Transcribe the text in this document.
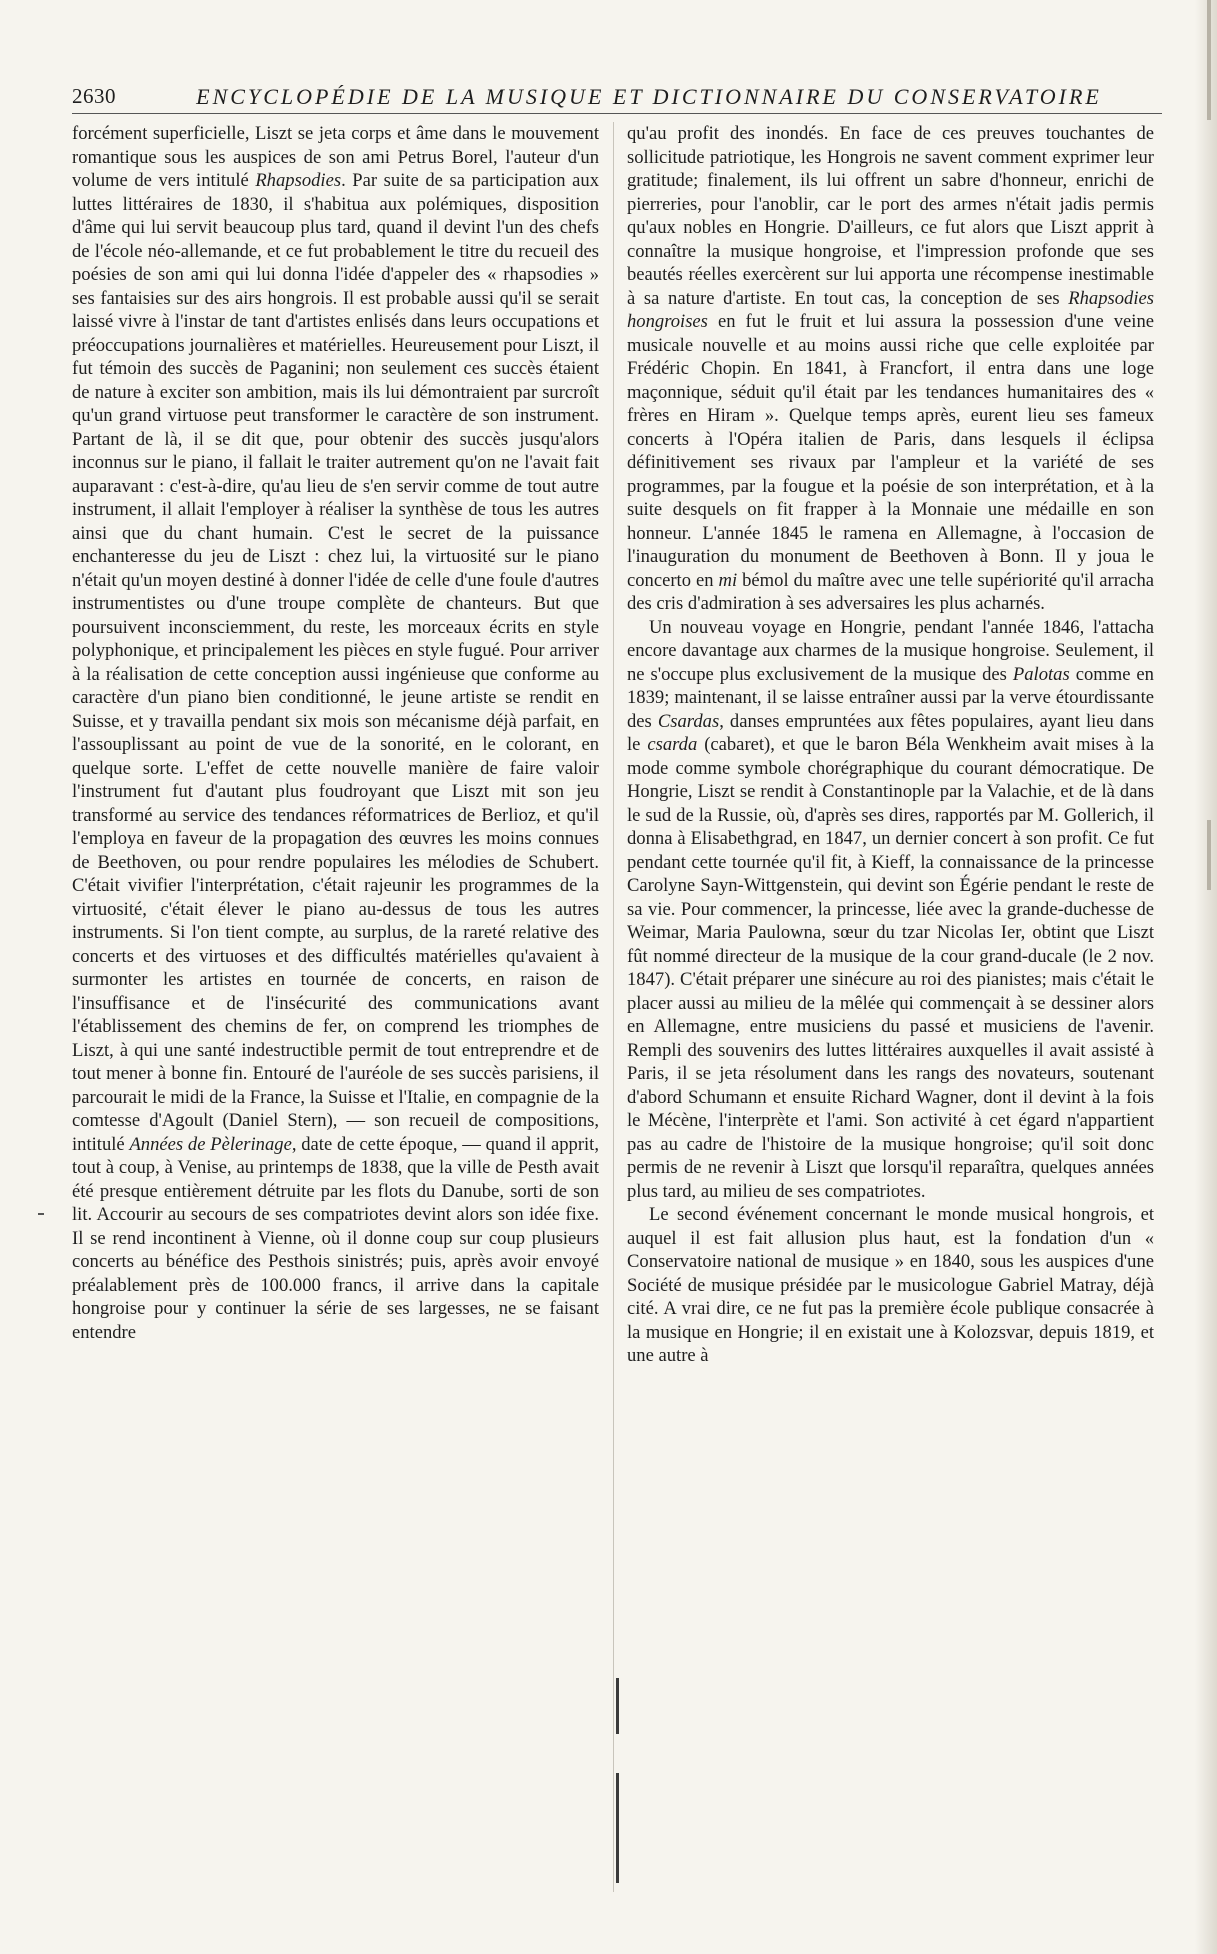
2630	ENCYCLOPÉDIE DE LA MUSIQUE ET DICTIONNAIRE DU CONSERVATOIRE

forcément superficielle, Liszt se jeta corps et âme dans le mouvement romantique sous les auspices de son ami Petrus Borel, l'auteur d'un volume de vers intitulé Rhapsodies. Par suite de sa participation aux luttes littéraires de 1830, il s'habitua aux polémiques, disposition d'âme qui lui servit beaucoup plus tard, quand il devint l'un des chefs de l'école néo-allemande, et ce fut probablement le titre du recueil des poésies de son ami qui lui donna l'idée d'appeler des « rhapsodies » ses fantaisies sur des airs hongrois. Il est probable aussi qu'il se serait laissé vivre à l'instar de tant d'artistes enlisés dans leurs occupations et préoccupations journalières et matérielles. Heureusement pour Liszt, il fut témoin des succès de Paganini; non seulement ces succès étaient de nature à exciter son ambition, mais ils lui démontraient par surcroît qu'un grand virtuose peut transformer le caractère de son instrument. Partant de là, il se dit que, pour obtenir des succès jusqu'alors inconnus sur le piano, il fallait le traiter autrement qu'on ne l'avait fait auparavant : c'est-à-dire, qu'au lieu de s'en servir comme de tout autre instrument, il allait l'employer à réaliser la synthèse de tous les autres ainsi que du chant humain. C'est le secret de la puissance enchanteresse du jeu de Liszt : chez lui, la virtuosité sur le piano n'était qu'un moyen destiné à donner l'idée de celle d'une foule d'autres instrumentistes ou d'une troupe complète de chanteurs. But que poursuivent inconsciemment, du reste, les morceaux écrits en style polyphonique, et principalement les pièces en style fugué. Pour arriver à la réalisation de cette conception aussi ingénieuse que conforme au caractère d'un piano bien conditionné, le jeune artiste se rendit en Suisse, et y travailla pendant six mois son mécanisme déjà parfait, en l'assouplissant au point de vue de la sonorité, en le colorant, en quelque sorte. L'effet de cette nouvelle manière de faire valoir l'instrument fut d'autant plus foudroyant que Liszt mit son jeu transformé au service des tendances réformatrices de Berlioz, et qu'il l'employa en faveur de la propagation des œuvres les moins connues de Beethoven, ou pour rendre populaires les mélodies de Schubert. C'était vivifier l'interprétation, c'était rajeunir les programmes de la virtuosité, c'était élever le piano au-dessus de tous les autres instruments. Si l'on tient compte, au surplus, de la rareté relative des concerts et des virtuoses et des difficultés matérielles qu'avaient à surmonter les artistes en tournée de concerts, en raison de l'insuffisance et de l'insécurité des communications avant l'établissement des chemins de fer, on comprend les triomphes de Liszt, à qui une santé indestructible permit de tout entreprendre et de tout mener à bonne fin. Entouré de l'auréole de ses succès parisiens, il parcourait le midi de la France, la Suisse et l'Italie, en compagnie de la comtesse d'Agoult (Daniel Stern), — son recueil de compositions, intitulé Années de Pèlerinage, date de cette époque, — quand il apprit, tout à coup, à Venise, au printemps de 1838, que la ville de Pesth avait été presque entièrement détruite par les flots du Danube, sorti de son lit. Accourir au secours de ses compatriotes devint alors son idée fixe. Il se rend incontinent à Vienne, où il donne coup sur coup plusieurs concerts au bénéfice des Pesthois sinistrés; puis, après avoir envoyé préalablement près de 100.000 francs, il arrive dans la capitale hongroise pour y continuer la série de ses largesses, ne se faisant entendre

qu'au profit des inondés. En face de ces preuves touchantes de sollicitude patriotique, les Hongrois ne savent comment exprimer leur gratitude; finalement, ils lui offrent un sabre d'honneur, enrichi de pierreries, pour l'anoblir, car le port des armes n'était jadis permis qu'aux nobles en Hongrie. D'ailleurs, ce fut alors que Liszt apprit à connaître la musique hongroise, et l'impression profonde que ses beautés réelles exercèrent sur lui apporta une récompense inestimable à sa nature d'artiste. En tout cas, la conception de ses Rhapsodies hongroises en fut le fruit et lui assura la possession d'une veine musicale nouvelle et au moins aussi riche que celle exploitée par Frédéric Chopin. En 1841, à Francfort, il entra dans une loge maçonnique, séduit qu'il était par les tendances humanitaires des « frères en Hiram ». Quelque temps après, eurent lieu ses fameux concerts à l'Opéra italien de Paris, dans lesquels il éclipsa définitivement ses rivaux par l'ampleur et la variété de ses programmes, par la fougue et la poésie de son interprétation, et à la suite desquels on fit frapper à la Monnaie une médaille en son honneur. L'année 1845 le ramena en Allemagne, à l'occasion de l'inauguration du monument de Beethoven à Bonn. Il y joua le concerto en mi bémol du maître avec une telle supériorité qu'il arracha des cris d'admiration à ses adversaires les plus acharnés.

Un nouveau voyage en Hongrie, pendant l'année 1846, l'attacha encore davantage aux charmes de la musique hongroise. Seulement, il ne s'occupe plus exclusivement de la musique des Palotas comme en 1839; maintenant, il se laisse entraîner aussi par la verve étourdissante des Csardas, danses empruntées aux fêtes populaires, ayant lieu dans le csarda (cabaret), et que le baron Béla Wenkheim avait mises à la mode comme symbole chorégraphique du courant démocratique. De Hongrie, Liszt se rendit à Constantinople par la Valachie, et de là dans le sud de la Russie, où, d'après ses dires, rapportés par M. Gollerich, il donna à Elisabethgrad, en 1847, un dernier concert à son profit. Ce fut pendant cette tournée qu'il fit, à Kieff, la connaissance de la princesse Carolyne Sayn-Wittgenstein, qui devint son Égérie pendant le reste de sa vie. Pour commencer, la princesse, liée avec la grande-duchesse de Weimar, Maria Paulowna, sœur du tzar Nicolas Ier, obtint que Liszt fût nommé directeur de la musique de la cour grand-ducale (le 2 nov. 1847). C'était préparer une sinécure au roi des pianistes; mais c'était le placer aussi au milieu de la mêlée qui commençait à se dessiner alors en Allemagne, entre musiciens du passé et musiciens de l'avenir. Rempli des souvenirs des luttes littéraires auxquelles il avait assisté à Paris, il se jeta résolument dans les rangs des novateurs, soutenant d'abord Schumann et ensuite Richard Wagner, dont il devint à la fois le Mécène, l'interprète et l'ami. Son activité à cet égard n'appartient pas au cadre de l'histoire de la musique hongroise; qu'il soit donc permis de ne revenir à Liszt que lorsqu'il reparaîtra, quelques années plus tard, au milieu de ses compatriotes.

Le second événement concernant le monde musical hongrois, et auquel il est fait allusion plus haut, est la fondation d'un « Conservatoire national de musique » en 1840, sous les auspices d'une Société de musique présidée par le musicologue Gabriel Matray, déjà cité. A vrai dire, ce ne fut pas la première école publique consacrée à la musique en Hongrie; il en existait une à Kolozsvar, depuis 1819, et une autre à
